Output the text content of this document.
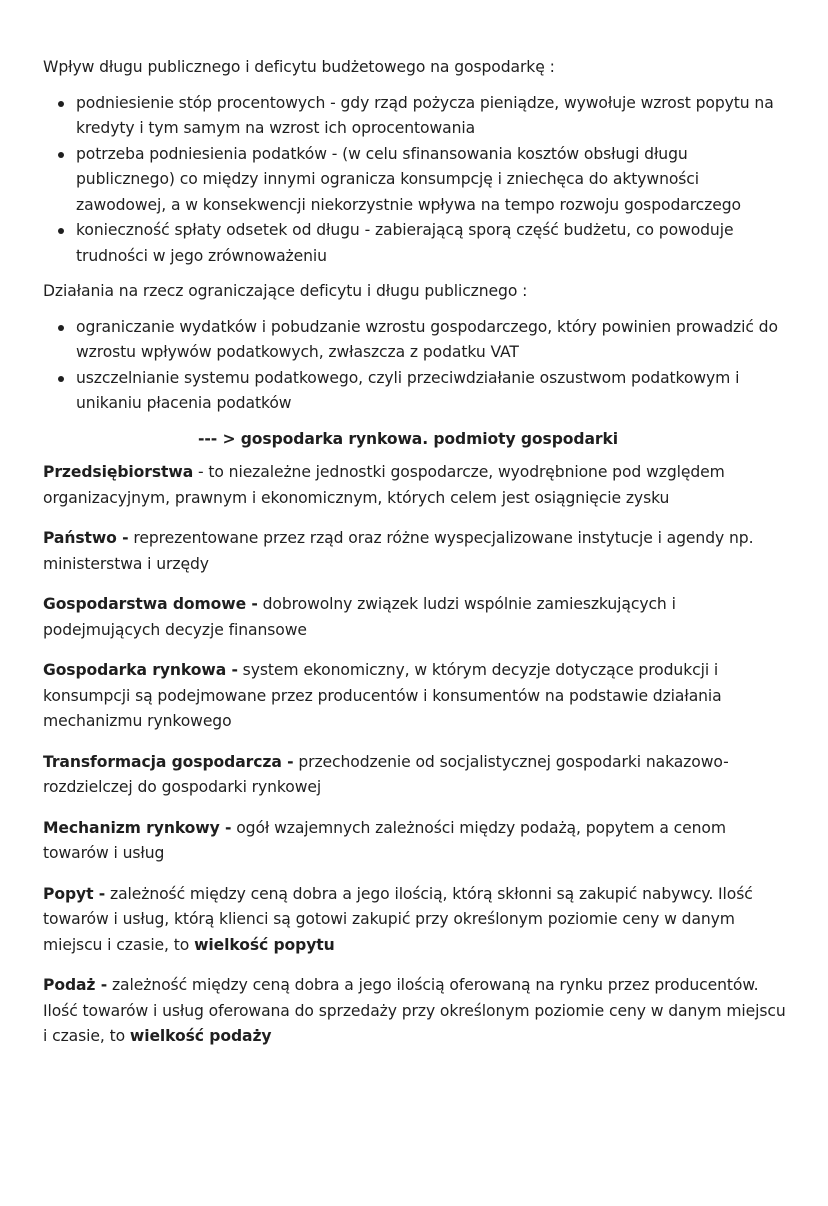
Wpływ długu publicznego i deficytu budżetowego na gospodarkę :

podniesienie stóp procentowych - gdy rząd pożycza pieniądze, wywołuje wzrost popytu na kredyty i tym samym na wzrost ich oprocentowania
potrzeba podniesienia podatków - (w celu sfinansowania kosztów obsługi długu publicznego) co między innymi ogranicza konsumpcję i zniechęca do aktywności zawodowej, a w konsekwencji niekorzystnie wpływa na tempo rozwoju gospodarczego
konieczność spłaty odsetek od długu - zabierającą sporą część budżetu, co powoduje trudności w jego zrównoważeniu

Działania na rzecz ograniczające deficytu i długu publicznego :

ograniczanie wydatków i pobudzanie wzrostu gospodarczego, który powinien prowadzić do wzrostu wpływów podatkowych, zwłaszcza z podatku VAT
uszczelnianie systemu podatkowego, czyli przeciwdziałanie oszustwom podatkowym i unikaniu płacenia podatków

--- > gospodarka rynkowa. podmioty gospodarki

Przedsiębiorstwa - to niezależne jednostki gospodarcze, wyodrębnione pod względem organizacyjnym, prawnym i ekonomicznym, których celem jest osiągnięcie zysku

Państwo - reprezentowane przez rząd oraz różne wyspecjalizowane instytucje i agendy np. ministerstwa i urzędy

Gospodarstwa domowe - dobrowolny związek ludzi wspólnie zamieszkujących i podejmujących decyzje finansowe

Gospodarka rynkowa - system ekonomiczny, w którym decyzje dotyczące produkcji i konsumpcji są podejmowane przez producentów i konsumentów na podstawie działania mechanizmu rynkowego

Transformacja gospodarcza - przechodzenie od socjalistycznej gospodarki nakazowo-rozdzielczej do gospodarki rynkowej

Mechanizm rynkowy - ogół wzajemnych zależności między podażą, popytem a cenom towarów i usług

Popyt - zależność między ceną dobra a jego ilością, którą skłonni są zakupić nabywcy. Ilość towarów i usług, którą klienci są gotowi zakupić przy określonym poziomie ceny w danym miejscu i czasie, to wielkość popytu

Podaż - zależność między ceną dobra a jego ilością oferowaną na rynku przez producentów. Ilość towarów i usług oferowana do sprzedaży przy określonym poziomie ceny w danym miejscu i czasie, to wielkość podaży
